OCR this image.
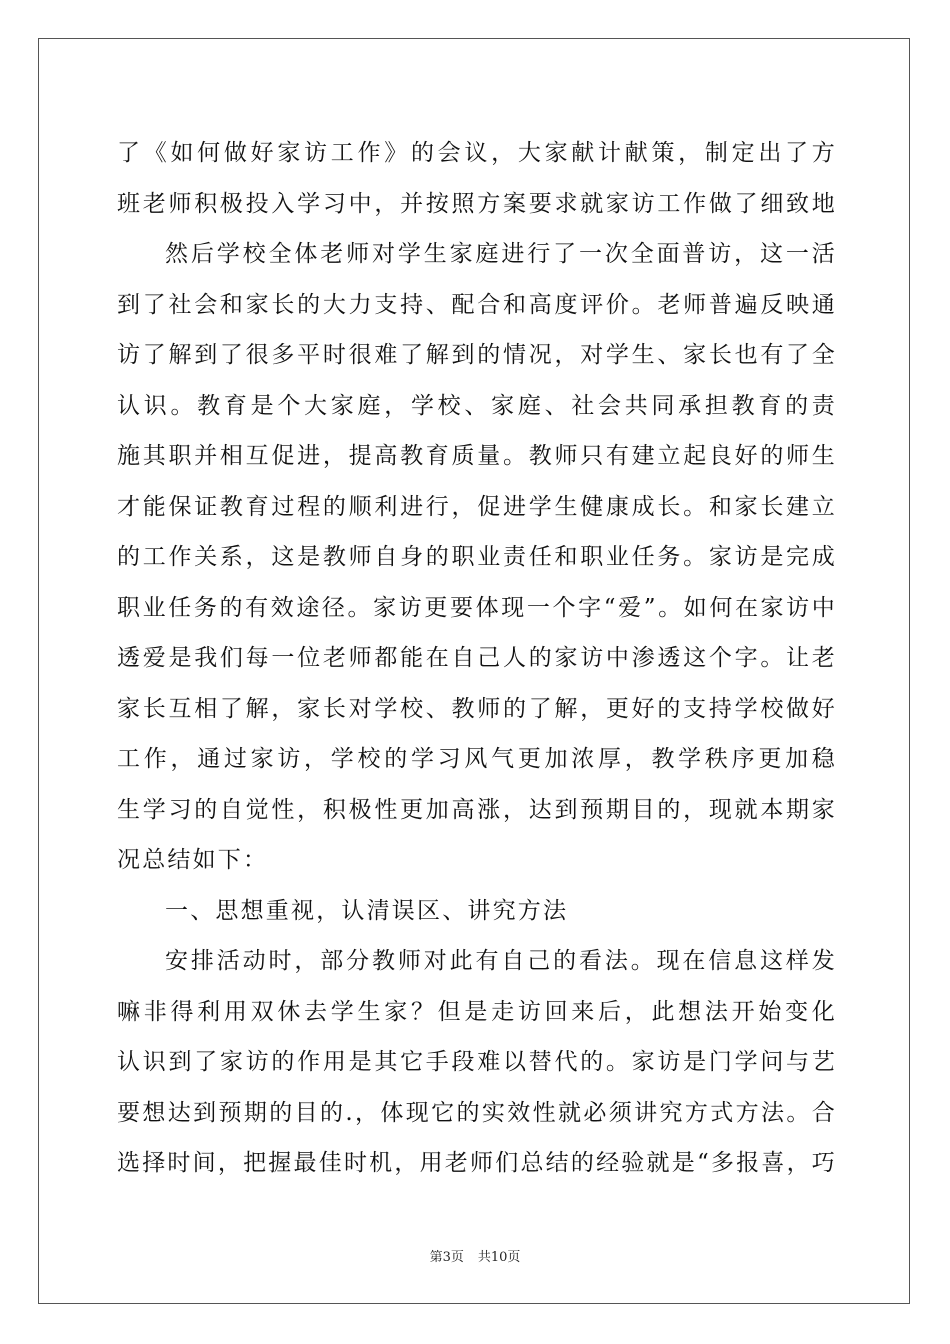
了《如何做好家访工作》的会议，大家献计献策，制定出了方
班老师积极投入学习中，并按照方案要求就家访工作做了细致地
然后学校全体老师对学生家庭进行了一次全面普访，这一活
到了社会和家长的大力支持、配合和高度评价。老师普遍反映通
访了解到了很多平时很难了解到的情况，对学生、家长也有了全
认识。教育是个大家庭，学校、家庭、社会共同承担教育的责
施其职并相互促进，提高教育质量。教师只有建立起良好的师生
才能保证教育过程的顺利进行，促进学生健康成长。和家长建立
的工作关系，这是教师自身的职业责任和职业任务。家访是完成
职业任务的有效途径。家访更要体现一个字“爱”。如何在家访中
透爱是我们每一位老师都能在自己人的家访中渗透这个字。让老
家长互相了解，家长对学校、教师的了解，更好的支持学校做好
工作，通过家访，学校的学习风气更加浓厚，教学秩序更加稳
生学习的自觉性，积极性更加高涨，达到预期目的，现就本期家
况总结如下：
一、思想重视，认清误区、讲究方法
安排活动时，部分教师对此有自己的看法。现在信息这样发
嘛非得利用双休去学生家？但是走访回来后，此想法开始变化
认识到了家访的作用是其它手段难以替代的。家访是门学问与艺
要想达到预期的目的.，体现它的实效性就必须讲究方式方法。合
选择时间，把握最佳时机，用老师们总结的经验就是“多报喜，巧
第3页 共10页
